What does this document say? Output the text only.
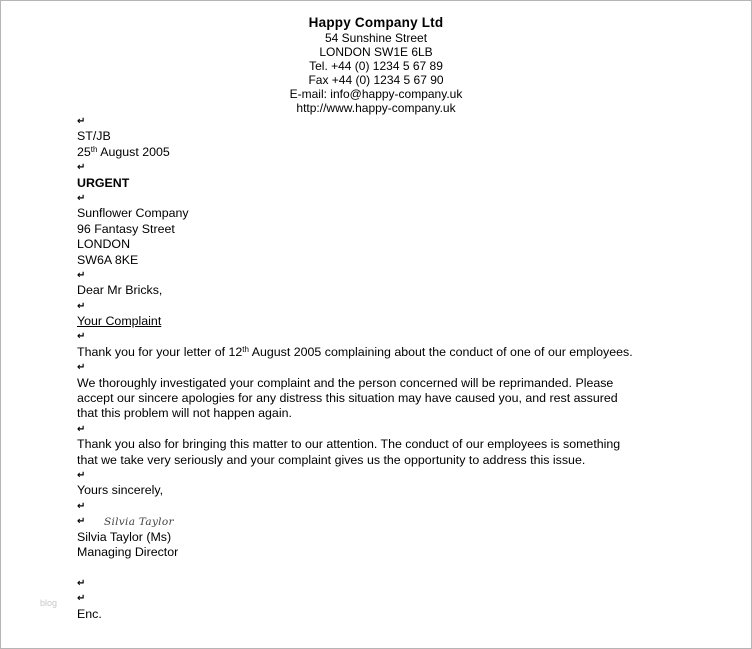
Happy Company Ltd
54 Sunshine Street
LONDON SW1E 6LB
Tel. +44 (0) 1234 5 67 89
Fax +44 (0) 1234 5 67 90
E-mail: info@happy-company.uk
http://www.happy-company.uk
↵
ST/JB
25th August 2005
↵
URGENT
↵
Sunflower Company
96 Fantasy Street
LONDON
SW6A 8KE
↵
Dear Mr Bricks,
↵
Your Complaint
↵
Thank you for your letter of 12th August 2005 complaining about the conduct of one of our employees.
↵
We thoroughly investigated your complaint and the person concerned will be reprimanded. Please
accept our sincere apologies for any distress this situation may have caused you, and rest assured
that this problem will not happen again.
↵
Thank you also for bringing this matter to our attention. The conduct of our employees is something
that we take very seriously and your complaint gives us the opportunity to address this issue.
↵
Yours sincerely,
↵
↵ Silvia Taylor
Silvia Taylor (Ms)
Managing Director
↵
↵
Enc.
blog
